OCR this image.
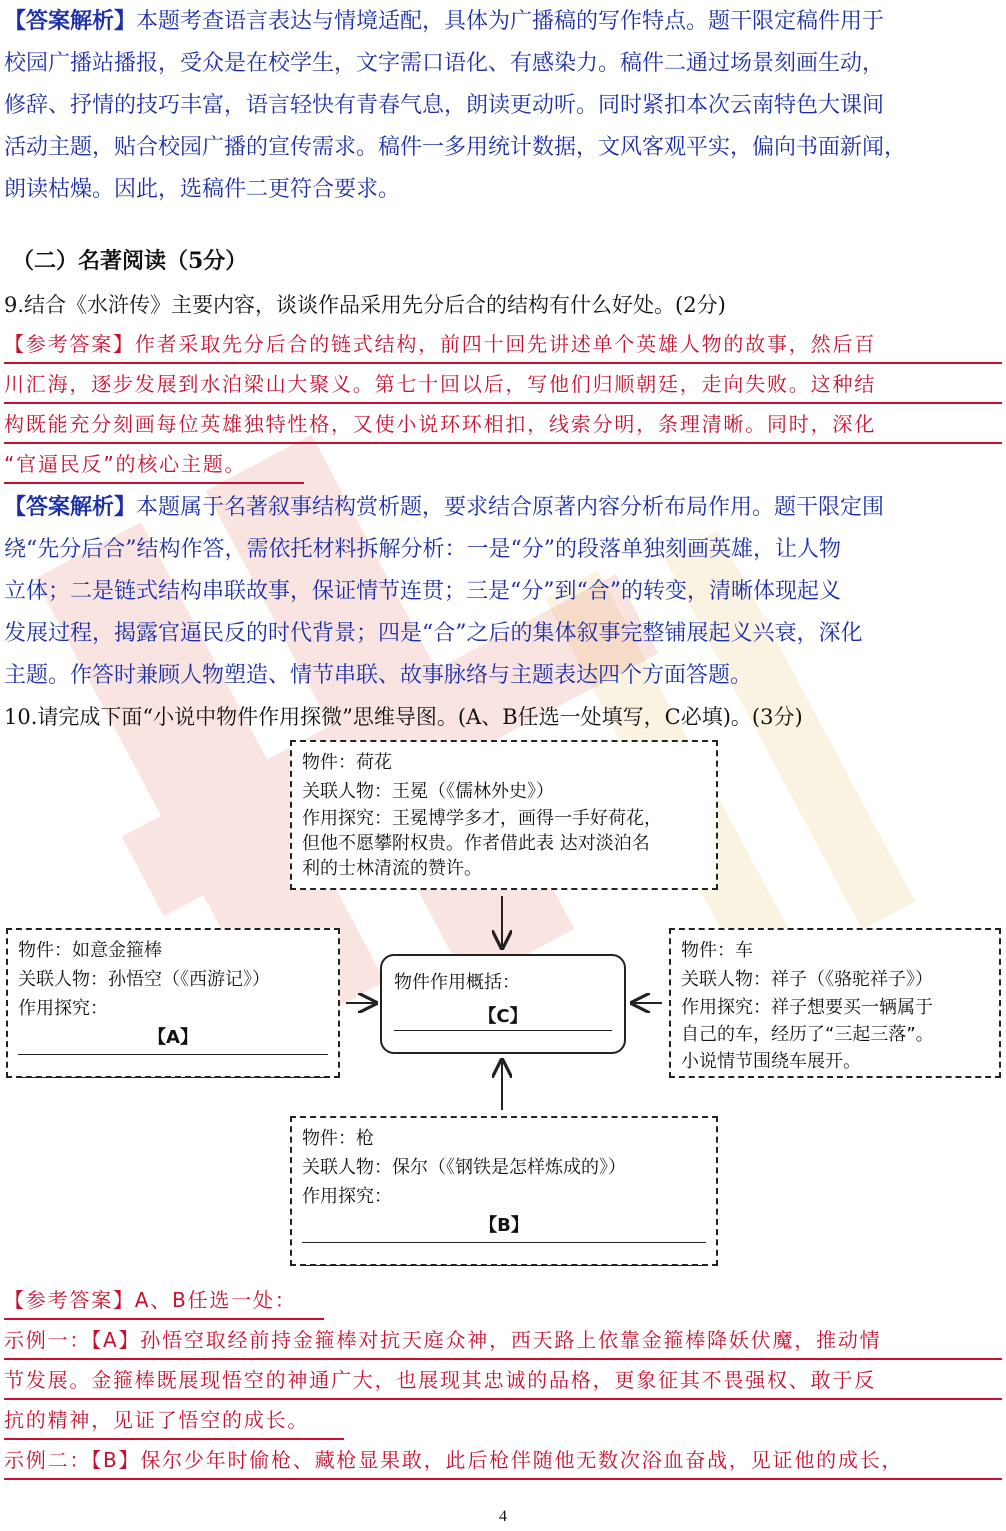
【答案解析】本题考查语言表达与情境适配，具体为广播稿的写作特点。题干限定稿件用于
校园广播站播报，受众是在校学生，文字需口语化、有感染力。稿件二通过场景刻画生动，
修辞、抒情的技巧丰富，语言轻快有青春气息，朗读更动听。同时紧扣本次云南特色大课间
活动主题，贴合校园广播的宣传需求。稿件一多用统计数据，文风客观平实，偏向书面新闻，
朗读枯燥。因此，选稿件二更符合要求。
（二）名著阅读（5分）
9.结合《水浒传》主要内容，谈谈作品采用先分后合的结构有什么好处。(2分)
【参考答案】作者采取先分后合的链式结构，前四十回先讲述单个英雄人物的故事，然后百
川汇海，逐步发展到水泊梁山大聚义。第七十回以后，写他们归顺朝廷，走向失败。这种结
构既能充分刻画每位英雄独特性格，又使小说环环相扣，线索分明，条理清晰。同时，深化
“官逼民反”的核心主题。
【答案解析】本题属于名著叙事结构赏析题，要求结合原著内容分析布局作用。题干限定围
绕“先分后合”结构作答，需依托材料拆解分析：一是“分”的段落单独刻画英雄，让人物
立体；二是链式结构串联故事，保证情节连贯；三是“分”到“合”的转变，清晰体现起义
发展过程，揭露官逼民反的时代背景；四是“合”之后的集体叙事完整铺展起义兴衰，深化
主题。作答时兼顾人物塑造、情节串联、故事脉络与主题表达四个方面答题。
10.请完成下面“小说中物件作用探微”思维导图。(A、B任选一处填写，C必填)。(3分)
物件：荷花
关联人物：王冕（《儒林外史》）
作用探究：王冕博学多才，画得一手好荷花，
但他不愿攀附权贵。作者借此表 达对淡泊名
利的士林清流的赞许。
物件：如意金箍棒
关联人物：孙悟空（《西游记》）
作用探究：
【A】
物件作用概括：
【C】
物件：车
关联人物：祥子（《骆驼祥子》）
作用探究：祥子想要买一辆属于
自己的车，经历了“三起三落”。
小说情节围绕车展开。
物件：枪
关联人物：保尔（《钢铁是怎样炼成的》）
作用探究：
【B】
【参考答案】A、B任选一处：
示例一：【A】孙悟空取经前持金箍棒对抗天庭众神，西天路上依靠金箍棒降妖伏魔，推动情
节发展。金箍棒既展现悟空的神通广大，也展现其忠诚的品格，更象征其不畏强权、敢于反
抗的精神，见证了悟空的成长。
示例二：【B】保尔少年时偷枪、藏枪显果敢，此后枪伴随他无数次浴血奋战，见证他的成长，
4
